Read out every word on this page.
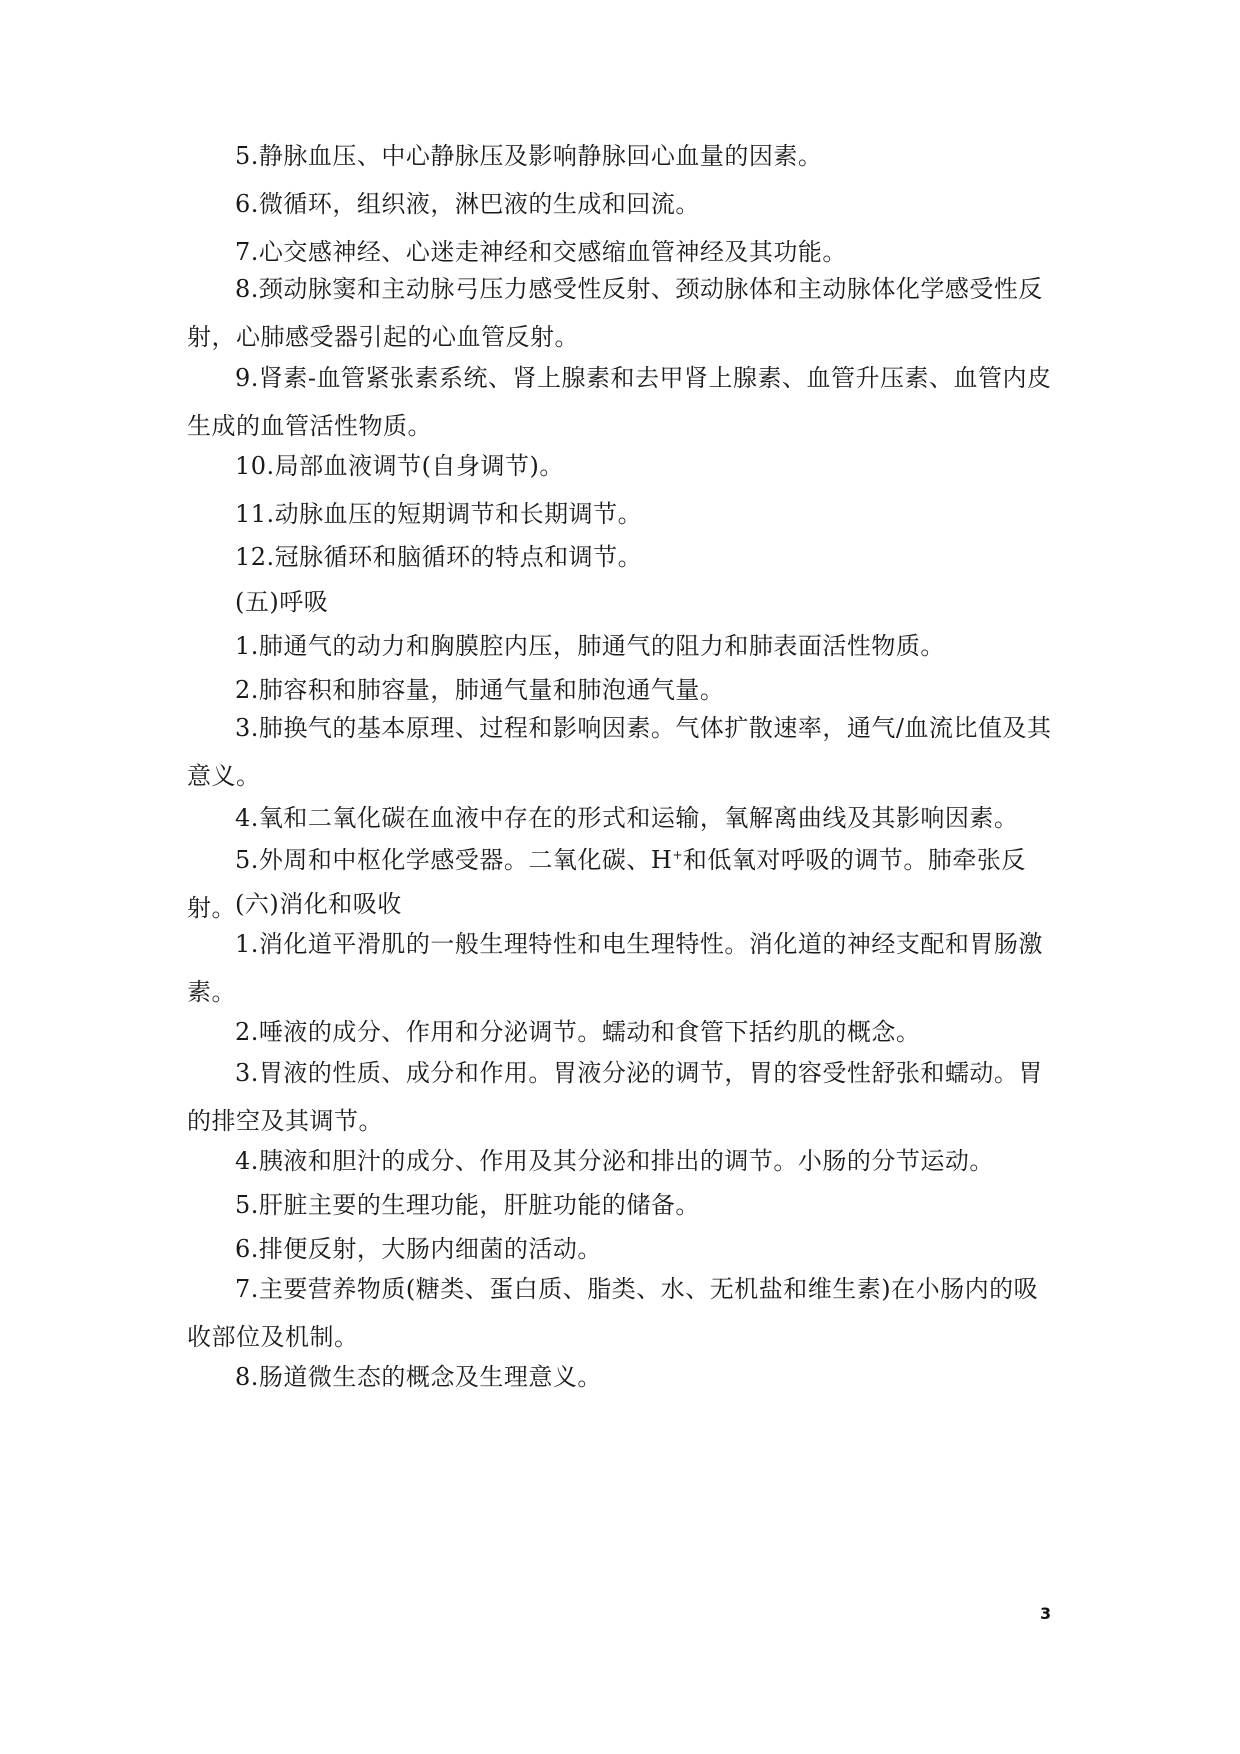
5.静脉血压、中心静脉压及影响静脉回心血量的因素。

6.微循环，组织液，淋巴液的生成和回流。

7.心交感神经、心迷走神经和交感缩血管神经及其功能。

8.颈动脉窦和主动脉弓压力感受性反射、颈动脉体和主动脉体化学感受性反射，心肺感受器引起的心血管反射。

9.肾素-血管紧张素系统、肾上腺素和去甲肾上腺素、血管升压素、血管内皮生成的血管活性物质。

10.局部血液调节(自身调节)。

11.动脉血压的短期调节和长期调节。

12.冠脉循环和脑循环的特点和调节。

(五)呼吸

1.肺通气的动力和胸膜腔内压，肺通气的阻力和肺表面活性物质。

2.肺容积和肺容量，肺通气量和肺泡通气量。

3.肺换气的基本原理、过程和影响因素。气体扩散速率，通气/血流比值及其意义。

4.氧和二氧化碳在血液中存在的形式和运输，氧解离曲线及其影响因素。

5.外周和中枢化学感受器。二氧化碳、H+和低氧对呼吸的调节。肺牵张反射。 (六)消化和吸收

1.消化道平滑肌的一般生理特性和电生理特性。消化道的神经支配和胃肠激素。

2.唾液的成分、作用和分泌调节。蠕动和食管下括约肌的概念。

3.胃液的性质、成分和作用。胃液分泌的调节，胃的容受性舒张和蠕动。胃的排空及其调节。

4.胰液和胆汁的成分、作用及其分泌和排出的调节。小肠的分节运动。

5.肝脏主要的生理功能，肝脏功能的储备。

6.排便反射，大肠内细菌的活动。

7.主要营养物质(糖类、蛋白质、脂类、水、无机盐和维生素)在小肠内的吸收部位及机制。

8.肠道微生态的概念及生理意义。

3
